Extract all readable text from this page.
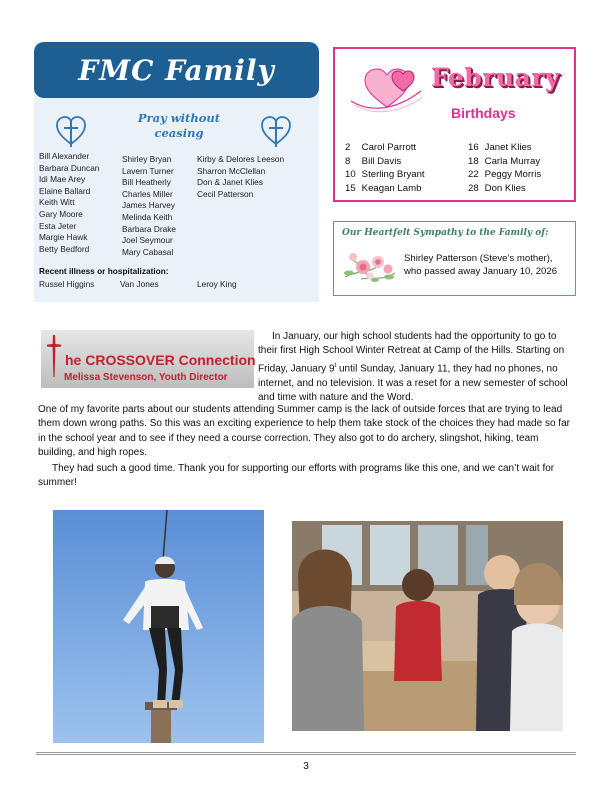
FMC Family
Pray without ceasing
Bill Alexander
Barbara Duncan
Idi Mae Arey
Elaine Ballard
Keith Witt
Gary Moore
Esta Jeter
Margie Hawk
Betty Bedford
Shirley Bryan
Lavern Turner
Bill Heatherly
Charles Miller
James Harvey
Melinda Keith
Barbara Drake
Joel Seymour
Mary Cabasal
Kirby & Delores Leeson
Sharron McClellan
Don & Janet Klies
Cecil Patterson
Recent illness or hospitalization:
Russel Higgins	Van Jones	Leroy King
February
Birthdays
2 Carol Parrott
8 Bill Davis
10 Sterling Bryant
15 Keagan Lamb
16 Janet Klies
18 Carla Murray
22 Peggy Morris
28 Don Klies
Our Heartfelt Sympathy to the Family of:
Shirley Patterson (Steve’s mother),
who passed away January 10, 2026
he CROSSOVER Connection
Melissa Stevenson, Youth Director

In January, our high school students had the opportunity to go to their first High School Winter Retreat at Camp of the Hills. Starting on Friday, January 9$^t$ until Sunday, January 11, they had no phones, no internet, and no television. It was a reset for a new semester of school and time with nature and the Word.

One of my favorite parts about our students attending Summer camp is the lack of outside forces that are trying to lead them down wrong paths. So this was an exciting experience to help them take stock of the choices they had made so far in the school year and to see if they need a course correction. They also got to do archery, slingshot, hiking, team building, and high ropes.

They had such a good time. Thank you for supporting our efforts with programs like this one, and we can’t wait for summer!

3
